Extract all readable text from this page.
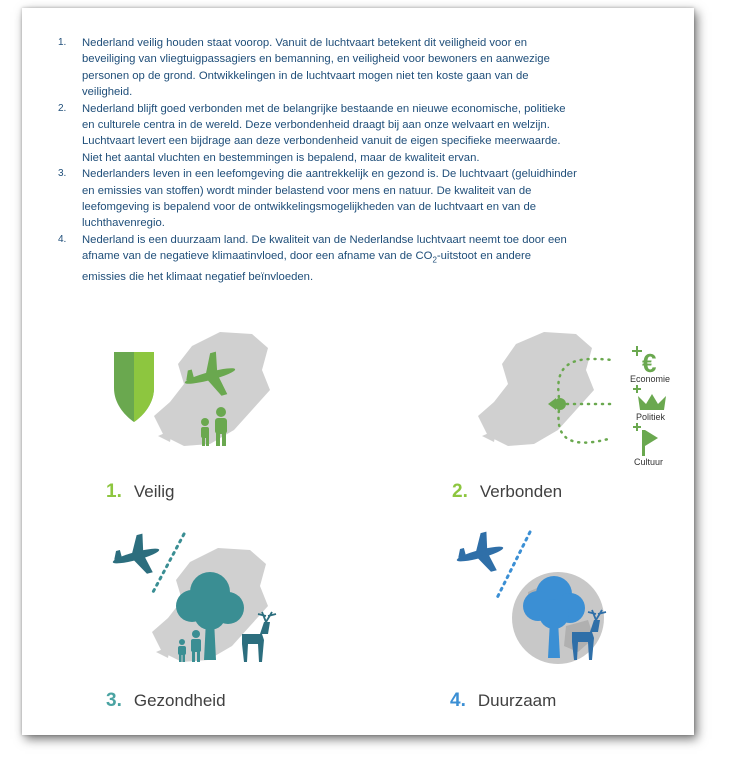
1. Nederland veilig houden staat voorop. Vanuit de luchtvaart betekent dit veiligheid voor en beveiliging van vliegtuigpassagiers en bemanning, en veiligheid voor bewoners en aanwezige personen op de grond. Ontwikkelingen in de luchtvaart mogen niet ten koste gaan van de veiligheid.
2. Nederland blijft goed verbonden met de belangrijke bestaande en nieuwe economische, politieke en culturele centra in de wereld. Deze verbondenheid draagt bij aan onze welvaart en welzijn. Luchtvaart levert een bijdrage aan deze verbondenheid vanuit de eigen specifieke meerwaarde. Niet het aantal vluchten en bestemmingen is bepalend, maar de kwaliteit ervan.
3. Nederlanders leven in een leefomgeving die aantrekkelijk en gezond is. De luchtvaart (geluidhinder en emissies van stoffen) wordt minder belastend voor mens en natuur. De kwaliteit van de leefomgeving is bepalend voor de ontwikkelingsmogelijkheden van de luchtvaart en van de luchthavenregio.
4. Nederland is een duurzaam land. De kwaliteit van de Nederlandse luchtvaart neemt toe door een afname van de negatieve klimaatinvloed, door een afname van de $CO_2$-uitstoot en andere emissies die het klimaat negatief beïnvloeden.
1. Veilig
€
Economie
Politiek
Cultuur
2. Verbonden
3. Gezondheid	4. Duurzaam
